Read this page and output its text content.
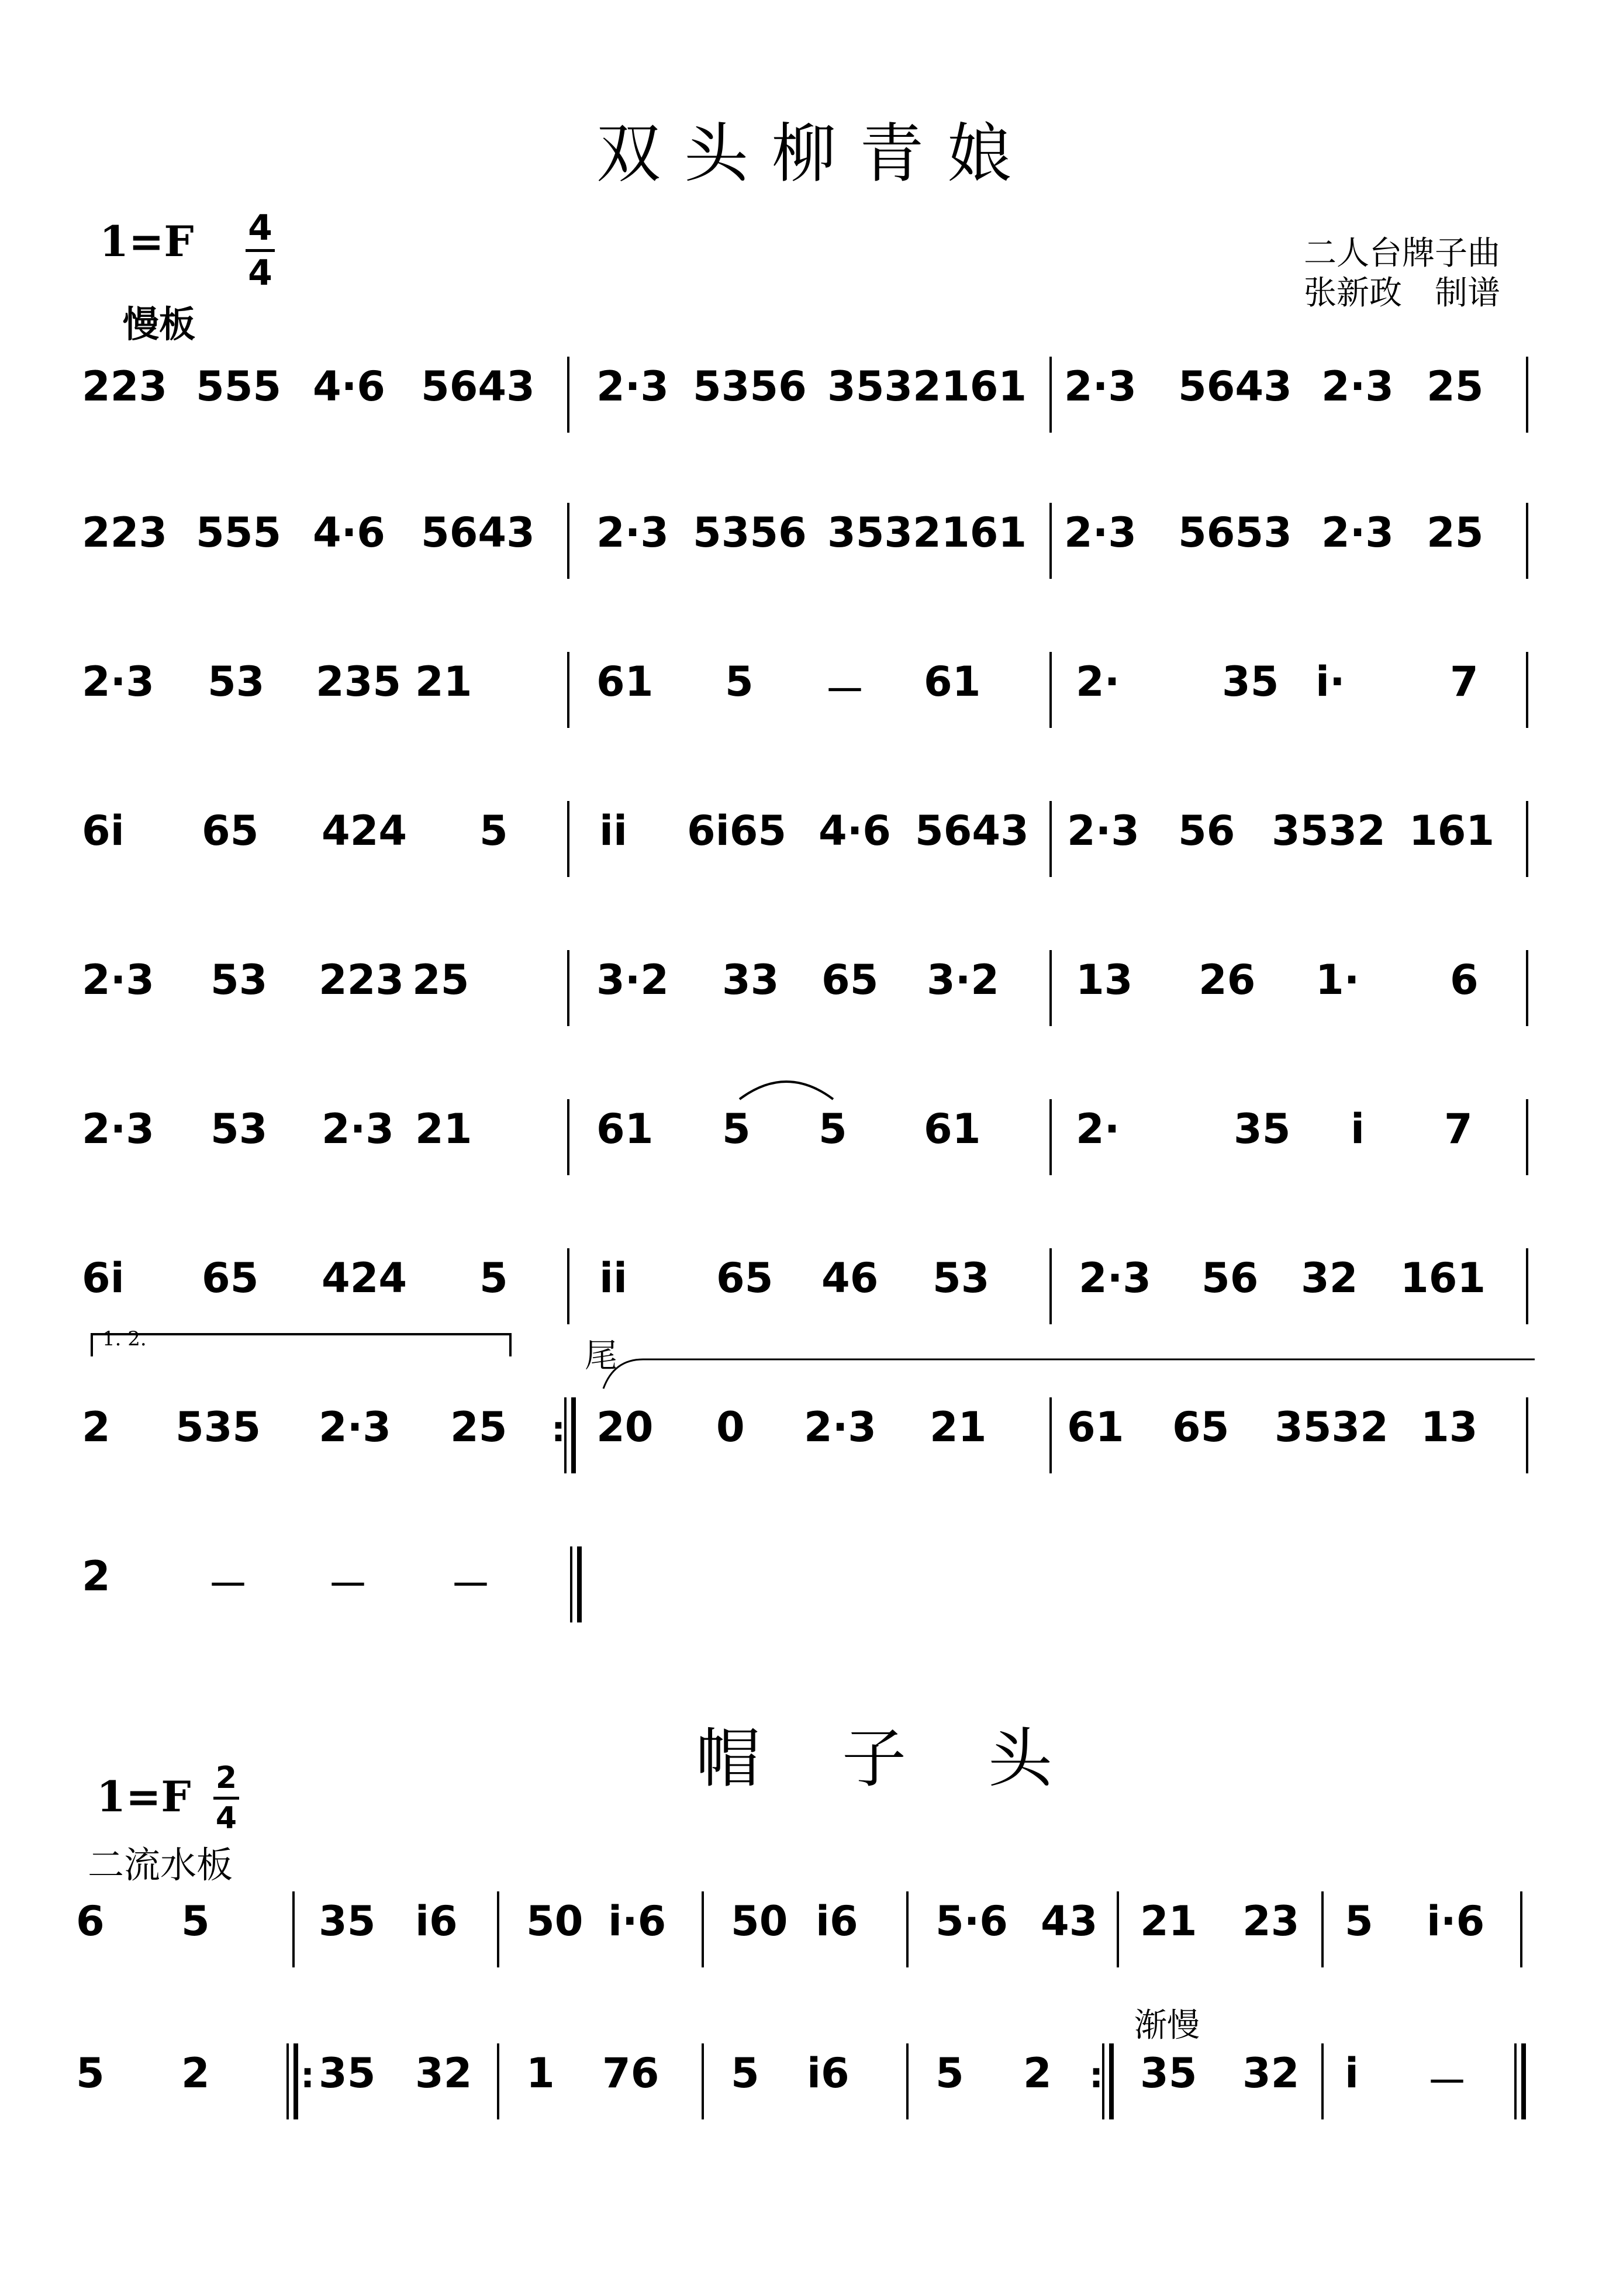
双头柳青娘
1=F 4
4
慢板
二人台牌子曲
张新政　制谱
223 555 4·6 5643 2·3 5356 3532 161 2·3 5643 2·3 25
223 555 4·6 5643 2·3 5356 3532 161 2·3 5653 2·3 25
2·3 53 235 21	61 5 － 61 2· 35 i·	7
6i 65 424 5 ii 6i65 4·6 5643 2·3 56 3532 161
2·3 53 223 25	3·2 33 65 3·2 13 26 1· 6
2·3 53 2·3 21	61 5 5 61 2·	35 i 7
6i 65 424 5 ii 65 46 53 2·3 56 32 161
2 535 2·3 25 : 20 0 2·3 21 61 65 3532 13
2 － － －
1. 2.	尾
帽子头
1=F 2
4
二流水板
渐慢
6 5	35 i6 50 i·6 50 i6 5·6 43 21 23 5 i·6
5 2	: 35 32 1 76 5 i6 5 2 : 35 32 i －
